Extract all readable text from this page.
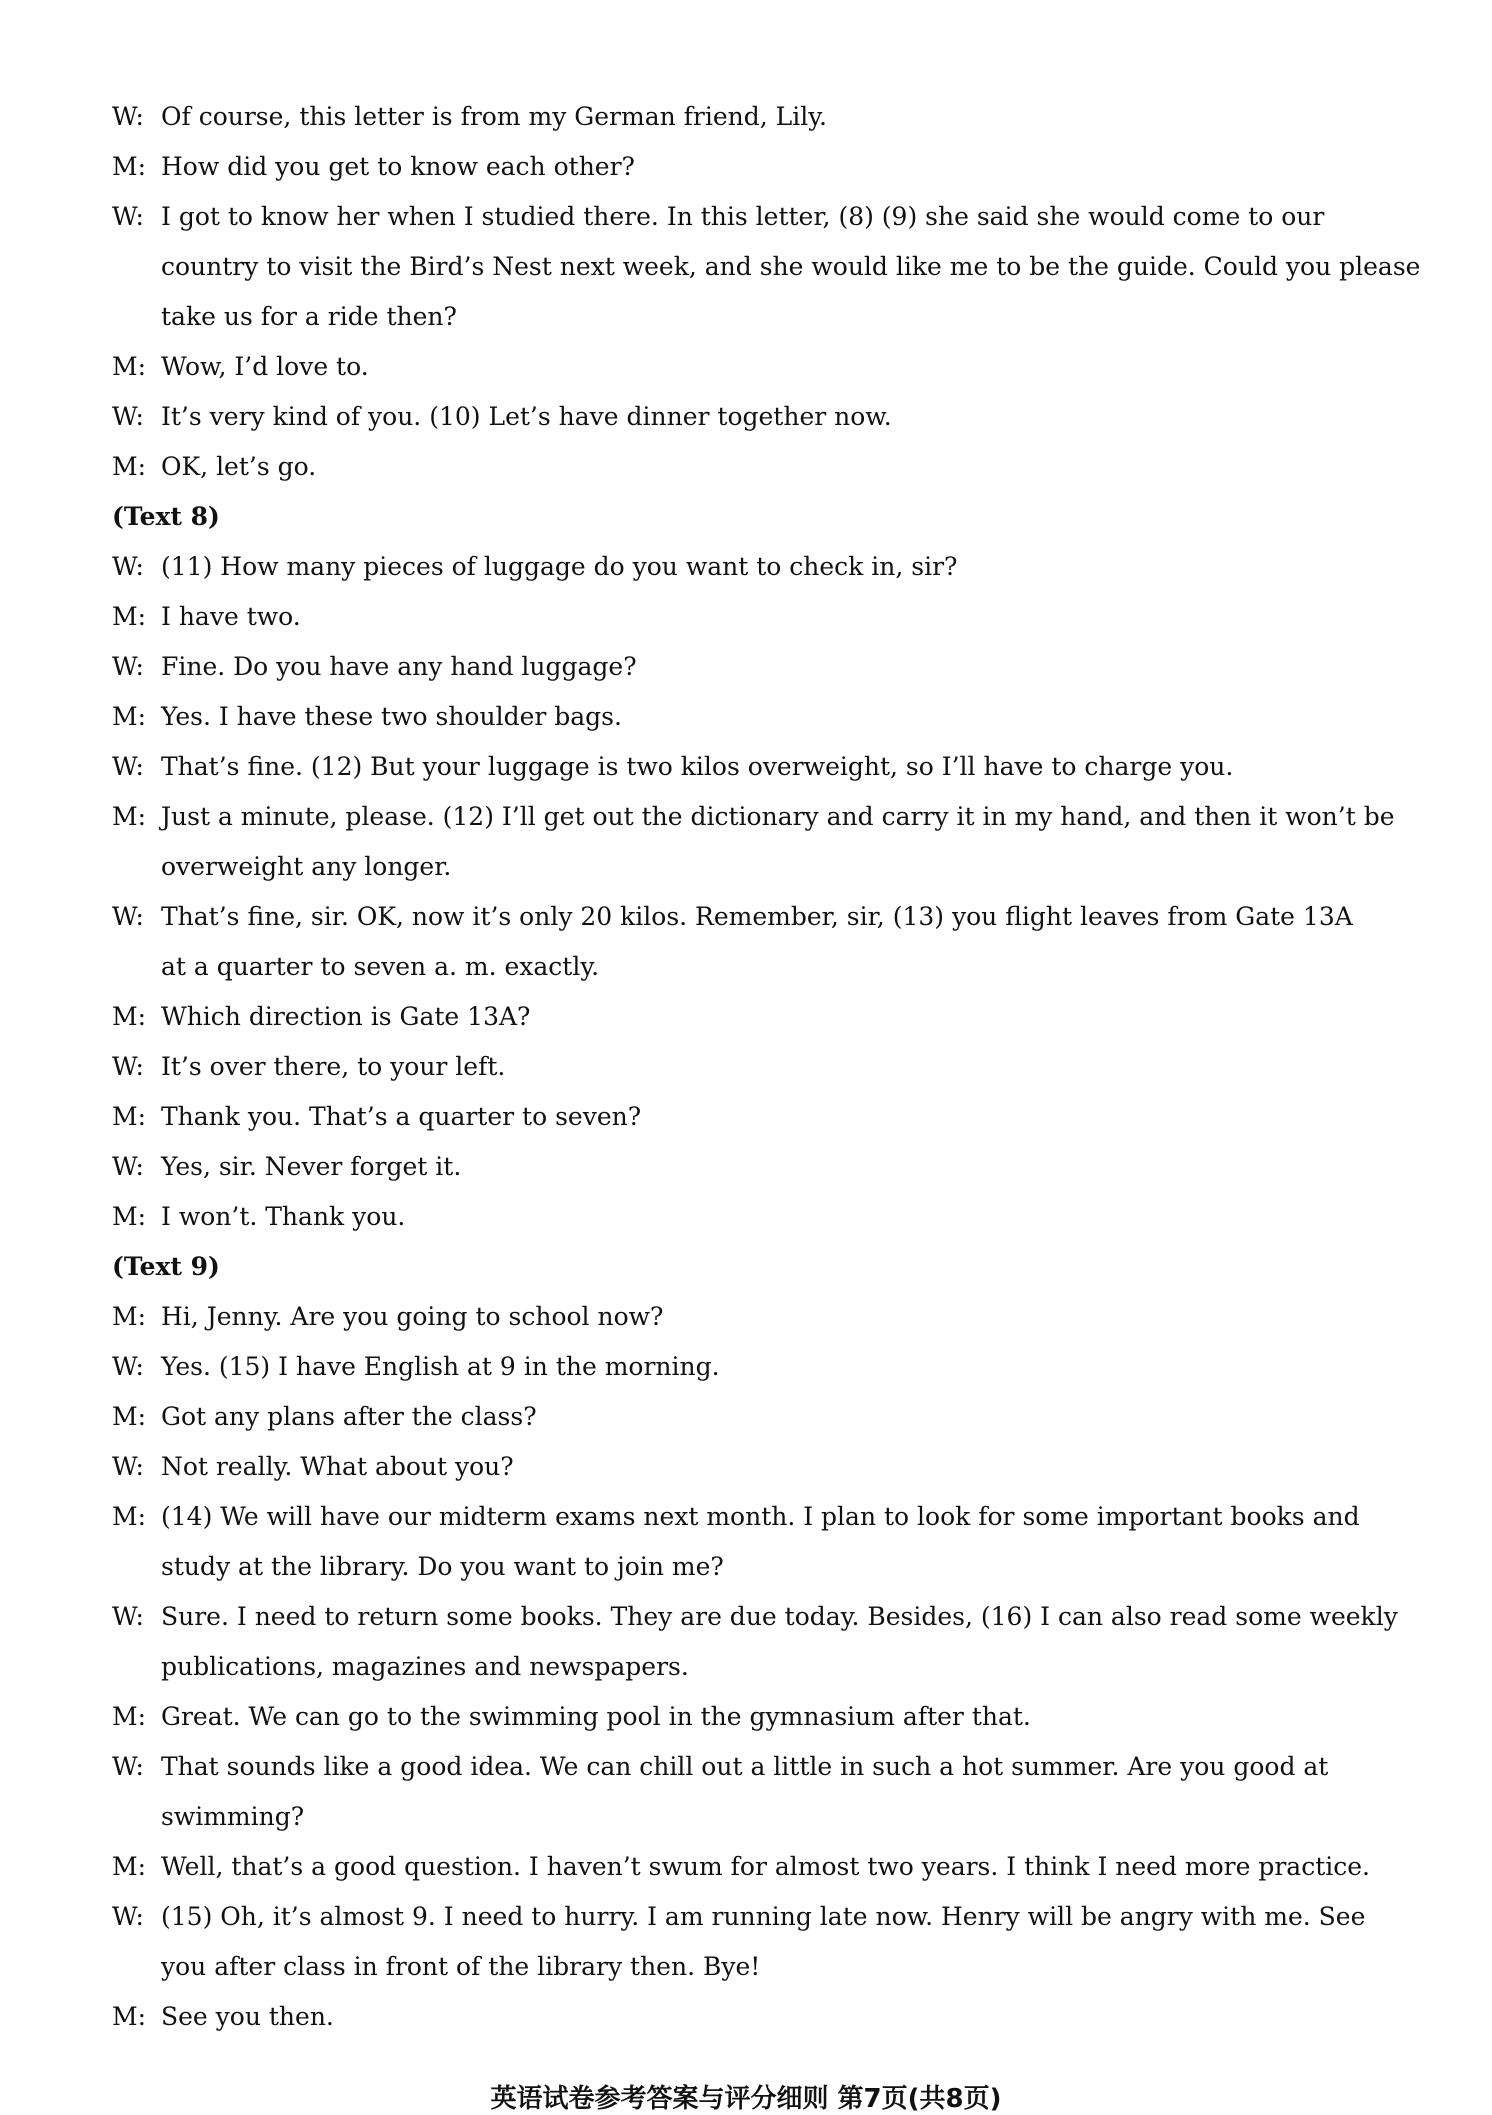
W: Of course, this letter is from my German friend, Lily.
M: How did you get to know each other?
W: I got to know her when I studied there. In this letter, (8) (9) she said she would come to our
country to visit the Bird’s Nest next week, and she would like me to be the guide. Could you please
take us for a ride then?
M: Wow, I’d love to.
W: It’s very kind of you. (10) Let’s have dinner together now.
M: OK, let’s go.
(Text 8)
W: (11) How many pieces of luggage do you want to check in, sir?
M: I have two.
W: Fine. Do you have any hand luggage?
M: Yes. I have these two shoulder bags.
W: That’s fine. (12) But your luggage is two kilos overweight, so I’ll have to charge you.
M: Just a minute, please. (12) I’ll get out the dictionary and carry it in my hand, and then it won’t be
overweight any longer.
W: That’s fine, sir. OK, now it’s only 20 kilos. Remember, sir, (13) you flight leaves from Gate 13A
at a quarter to seven a. m. exactly.
M: Which direction is Gate 13A?
W: It’s over there, to your left.
M: Thank you. That’s a quarter to seven?
W: Yes, sir. Never forget it.
M: I won’t. Thank you.
(Text 9)
M: Hi, Jenny. Are you going to school now?
W: Yes. (15) I have English at 9 in the morning.
M: Got any plans after the class?
W: Not really. What about you?
M: (14) We will have our midterm exams next month. I plan to look for some important books and
study at the library. Do you want to join me?
W: Sure. I need to return some books. They are due today. Besides, (16) I can also read some weekly
publications, magazines and newspapers.
M: Great. We can go to the swimming pool in the gymnasium after that.
W: That sounds like a good idea. We can chill out a little in such a hot summer. Are you good at
swimming?
M: Well, that’s a good question. I haven’t swum for almost two years. I think I need more practice.
W: (15) Oh, it’s almost 9. I need to hurry. I am running late now. Henry will be angry with me. See
you after class in front of the library then. Bye!
M: See you then.
英语试卷参考答案与评分细则 第7页(共8页)
